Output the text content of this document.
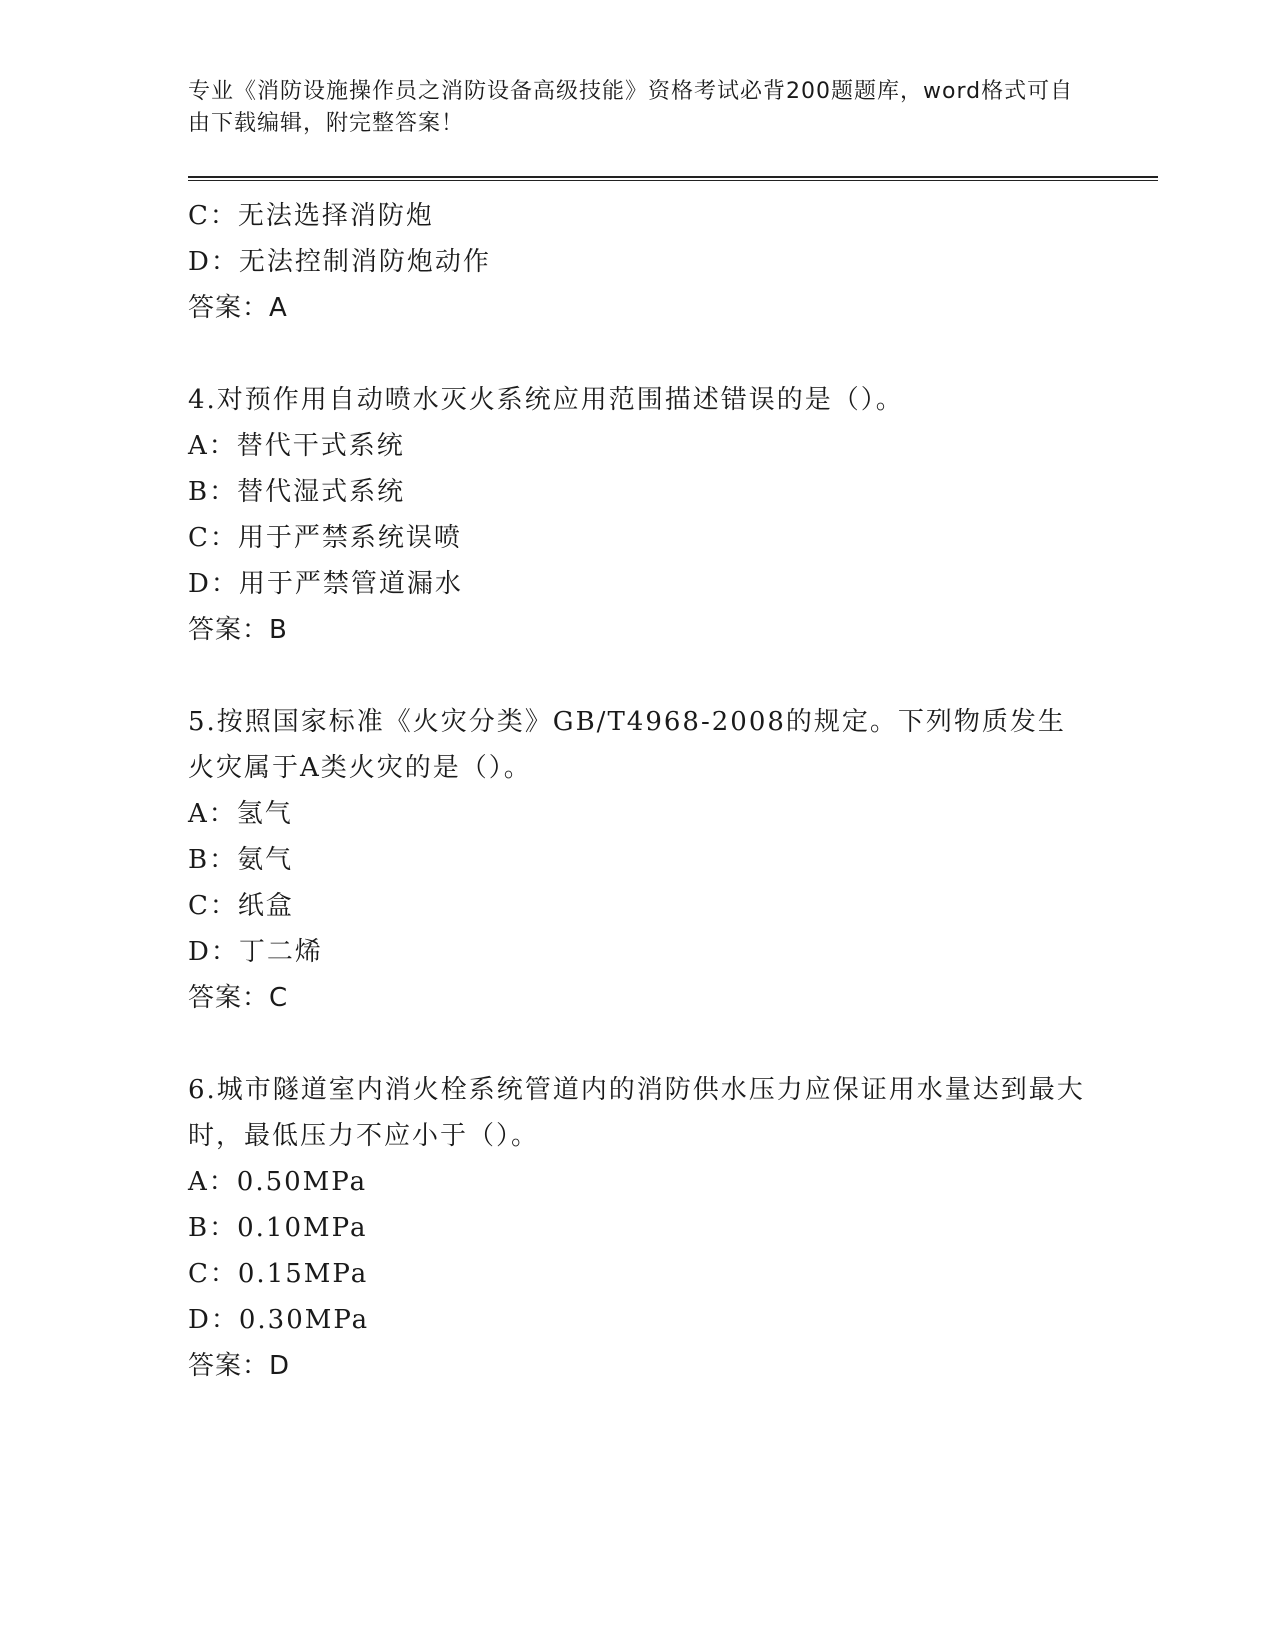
专业《消防设施操作员之消防设备高级技能》资格考试必背200题题库，word格式可自由下载编辑，附完整答案！
C：无法选择消防炮
D：无法控制消防炮动作
答案：A
4.对预作用自动喷水灭火系统应用范围描述错误的是（）。
A：替代干式系统
B：替代湿式系统
C：用于严禁系统误喷
D：用于严禁管道漏水
答案：B
5.按照国家标准《火灾分类》GB/T4968-2008的规定。下列物质发生火灾属于A类火灾的是（）。
A：氢气
B：氨气
C：纸盒
D：丁二烯
答案：C
6.城市隧道室内消火栓系统管道内的消防供水压力应保证用水量达到最大时，最低压力不应小于（）。
A：0.50MPa
B：0.10MPa
C：0.15MPa
D：0.30MPa
答案：D
